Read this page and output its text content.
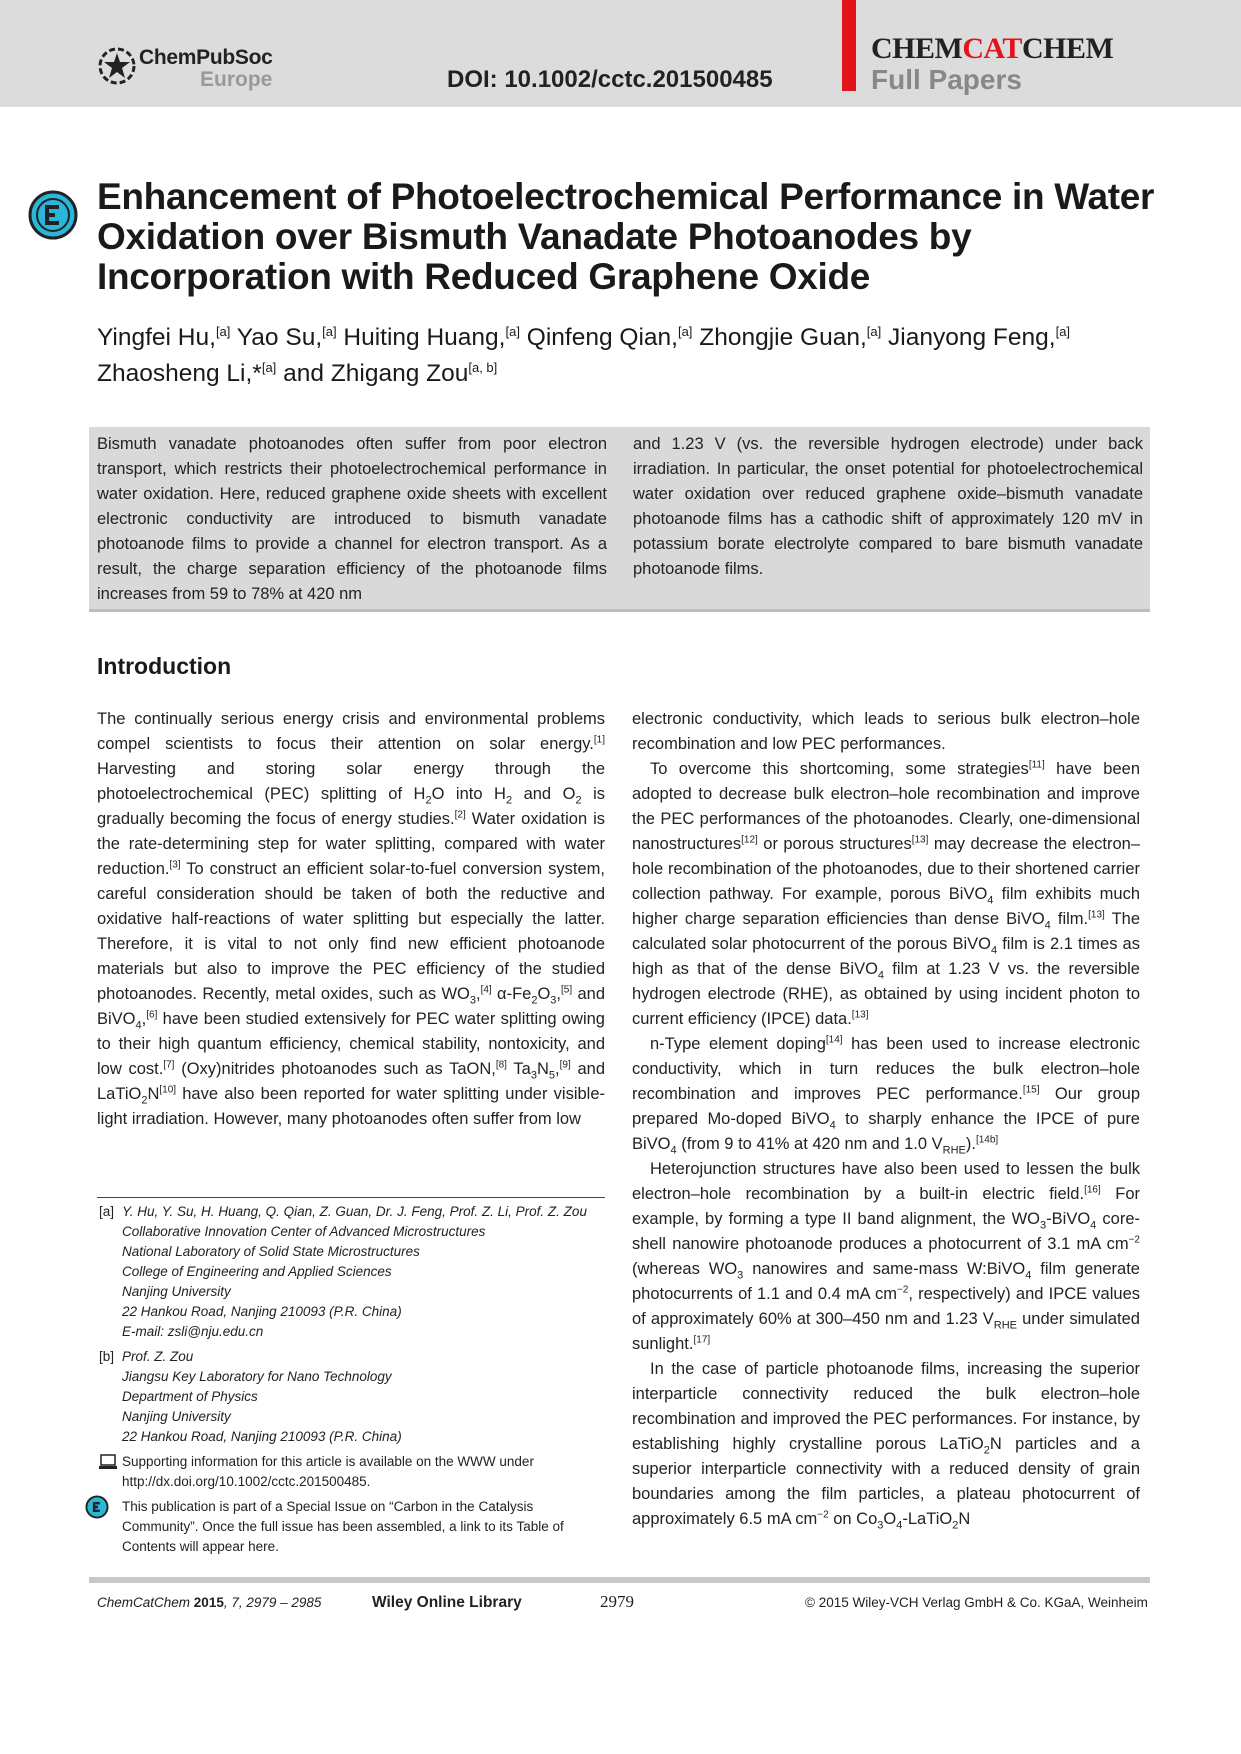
ChemPubSoc
Europe	DOI: 10.1002/cctc.201500485
CHEMCATCHEM
Full Papers
Enhancement of Photoelectrochemical Performance in Water Oxidation over Bismuth Vanadate Photoanodes by Incorporation with Reduced Graphene Oxide
Yingfei Hu,[a] Yao Su,[a] Huiting Huang,[a] Qinfeng Qian,[a] Zhongjie Guan,[a] Jianyong Feng,[a]
Zhaosheng Li,*[a] and Zhigang Zou[a, b]
Bismuth vanadate photoanodes often suffer from poor electron transport, which restricts their photoelectrochemical performance in water oxidation. Here, reduced graphene oxide sheets with excellent electronic conductivity are introduced to bismuth vanadate photoanode films to provide a channel for electron transport. As a result, the charge separation efficiency of the photoanode films increases from 59 to 78% at 420 nm
and 1.23 V (vs. the reversible hydrogen electrode) under back irradiation. In particular, the onset potential for photoelectrochemical water oxidation over reduced graphene oxide–bismuth vanadate photoanode films has a cathodic shift of approximately 120 mV in potassium borate electrolyte compared to bare bismuth vanadate photoanode films.
Introduction

The continually serious energy crisis and environmental problems compel scientists to focus their attention on solar energy.[1] Harvesting and storing solar energy through the photoelectrochemical (PEC) splitting of $H_2O$ into $H_2$ and $O_2$ is gradually becoming the focus of energy studies.[2] Water oxidation is the rate-determining step for water splitting, compared with water reduction.[3] To construct an efficient solar-to-fuel conversion system, careful consideration should be taken of both the reductive and oxidative half-reactions of water splitting but especially the latter. Therefore, it is vital to not only find new efficient photoanode materials but also to improve the PEC efficiency of the studied photoanodes. Recently, metal oxides, such as $WO_3,[4]$ $\alpha-Fe_2O_3,[5]$ and BiVO$_4$,[6] have been studied extensively for PEC water splitting owing to their high quantum efficiency, chemical stability, nontoxicity, and low cost.[7] (Oxy)nitrides photoanodes such as TaON,[8] $Ta_3N_5,[9]$ and LaTiO$_2$N[10] have also been reported for water splitting under visible-light irradiation. However, many photoanodes often suffer from low

electronic conductivity, which leads to serious bulk electron–hole recombination and low PEC performances.

To overcome this shortcoming, some strategies[11] have been adopted to decrease bulk electron–hole recombination and improve the PEC performances of the photoanodes. Clearly, one-dimensional nanostructures[12] or porous structures[13] may decrease the electron–hole recombination of the photoanodes, due to their shortened carrier collection pathway. For example, porous BiVO$_4$ film exhibits much higher charge separation efficiencies than dense BiVO$_4$ film.[13] The calculated solar photocurrent of the porous BiVO$_4$ film is 2.1 times as high as that of the dense BiVO$_4$ film at 1.23 V vs. the reversible hydrogen electrode (RHE), as obtained by using incident photon to current efficiency (IPCE) data.[13]

n-Type element doping[14] has been used to increase electronic conductivity, which in turn reduces the bulk electron–hole recombination and improves PEC performance.[15] Our group prepared Mo-doped BiVO$_4$ to sharply enhance the IPCE of pure BiVO$_4$ (from 9 to 41% at 420 nm and 1.0 $V_{RHE}).[14b]$

Heterojunction structures have also been used to lessen the bulk electron–hole recombination by a built-in electric field.[16] For example, by forming a type II band alignment, the $WO_3-BiVO_4$ core-shell nanowire photoanode produces a photocurrent of 3.1 mA $cm^{-2}$ (whereas $WO_3$ nanowires and same-mass W:BiVO$_4$ film generate photocurrents of 1.1 and 0.4 mA $cm^{-2}$, respectively) and IPCE values of approximately 60% at 300–450 nm and 1.23 $V_{RHE}$ under simulated sunlight.[17]

In the case of particle photoanode films, increasing the superior interparticle connectivity reduced the bulk electron–hole recombination and improved the PEC performances. For instance, by establishing highly crystalline porous LaTiO$_2$N particles and a superior interparticle connectivity with a reduced density of grain boundaries among the film particles, a plateau photocurrent of approximately 6.5 mA $cm^{-2}$ on $Co_3O_4-LaTiO_2N$

[a] Y. Hu, Y. Su, H. Huang, Q. Qian, Z. Guan, Dr. J. Feng, Prof. Z. Li, Prof. Z. Zou
Collaborative Innovation Center of Advanced Microstructures
National Laboratory of Solid State Microstructures
College of Engineering and Applied Sciences
Nanjing University
22 Hankou Road, Nanjing 210093 (P.R. China)
E-mail: zsli@nju.edu.cn
[b] Prof. Z. Zou
Jiangsu Key Laboratory for Nano Technology
Department of Physics
Nanjing University
22 Hankou Road, Nanjing 210093 (P.R. China)
Supporting information for this article is available on the WWW under http://dx.doi.org/10.1002/cctc.201500485.
This publication is part of a Special Issue on “Carbon in the Catalysis Community”. Once the full issue has been assembled, a link to its Table of Contents will appear here.
ChemCatChem 2015, 7, 2979 – 2985	Wiley Online Library	2979	© 2015 Wiley-VCH Verlag GmbH & Co. KGaA, Weinheim
